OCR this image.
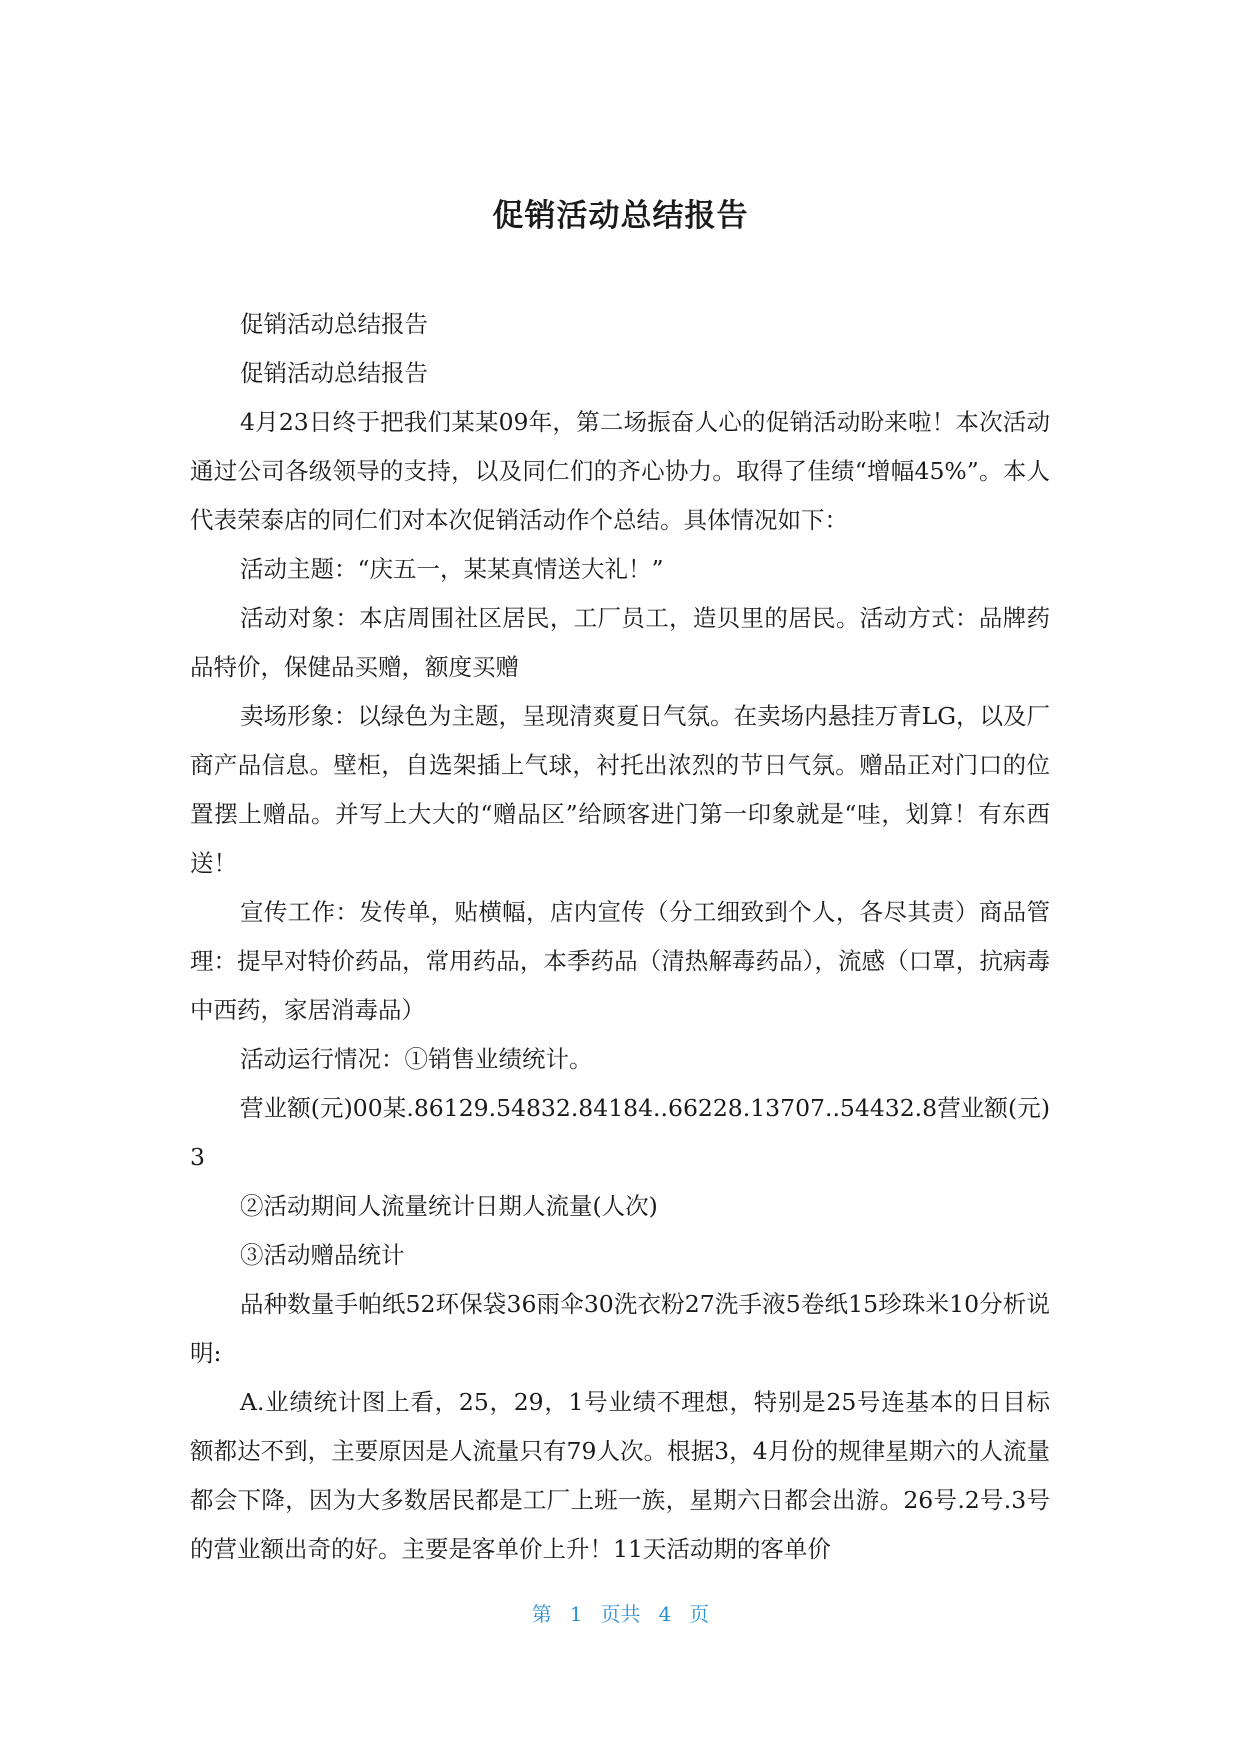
促销活动总结报告

促销活动总结报告

促销活动总结报告

4月23日终于把我们某某09年，第二场振奋人心的促销活动盼来啦！本次活动通过公司各级领导的支持，以及同仁们的齐心协力。取得了佳绩“增幅45%”。本人代表荣泰店的同仁们对本次促销活动作个总结。具体情况如下：

活动主题：“庆五一，某某真情送大礼！”

活动对象：本店周围社区居民，工厂员工，造贝里的居民。活动方式：品牌药品特价，保健品买赠，额度买赠

卖场形象：以绿色为主题，呈现清爽夏日气氛。在卖场内悬挂万青LG，以及厂商产品信息。壁柜，自选架插上气球，衬托出浓烈的节日气氛。赠品正对门口的位置摆上赠品。并写上大大的“赠品区”给顾客进门第一印象就是“哇，划算！有东西送！

宣传工作：发传单，贴横幅，店内宣传（分工细致到个人，各尽其责）商品管理：提早对特价药品，常用药品，本季药品（清热解毒药品），流感（口罩，抗病毒中西药，家居消毒品）

活动运行情况：①销售业绩统计。

营业额(元)00某.86129.54832.84184..66228.13707..54432.8营业额(元)3

②活动期间人流量统计日期人流量(人次)

③活动赠品统计

品种数量手帕纸52环保袋36雨伞30洗衣粉27洗手液5卷纸15珍珠米10分析说明:

A.业绩统计图上看，25，29，1号业绩不理想，特别是25号连基本的日目标额都达不到，主要原因是人流量只有79人次。根据3，4月份的规律星期六的人流量都会下降，因为大多数居民都是工厂上班一族，星期六日都会出游。26号.2号.3号的营业额出奇的好。主要是客单价上升！11天活动期的客单价

第 1 页共 4 页
